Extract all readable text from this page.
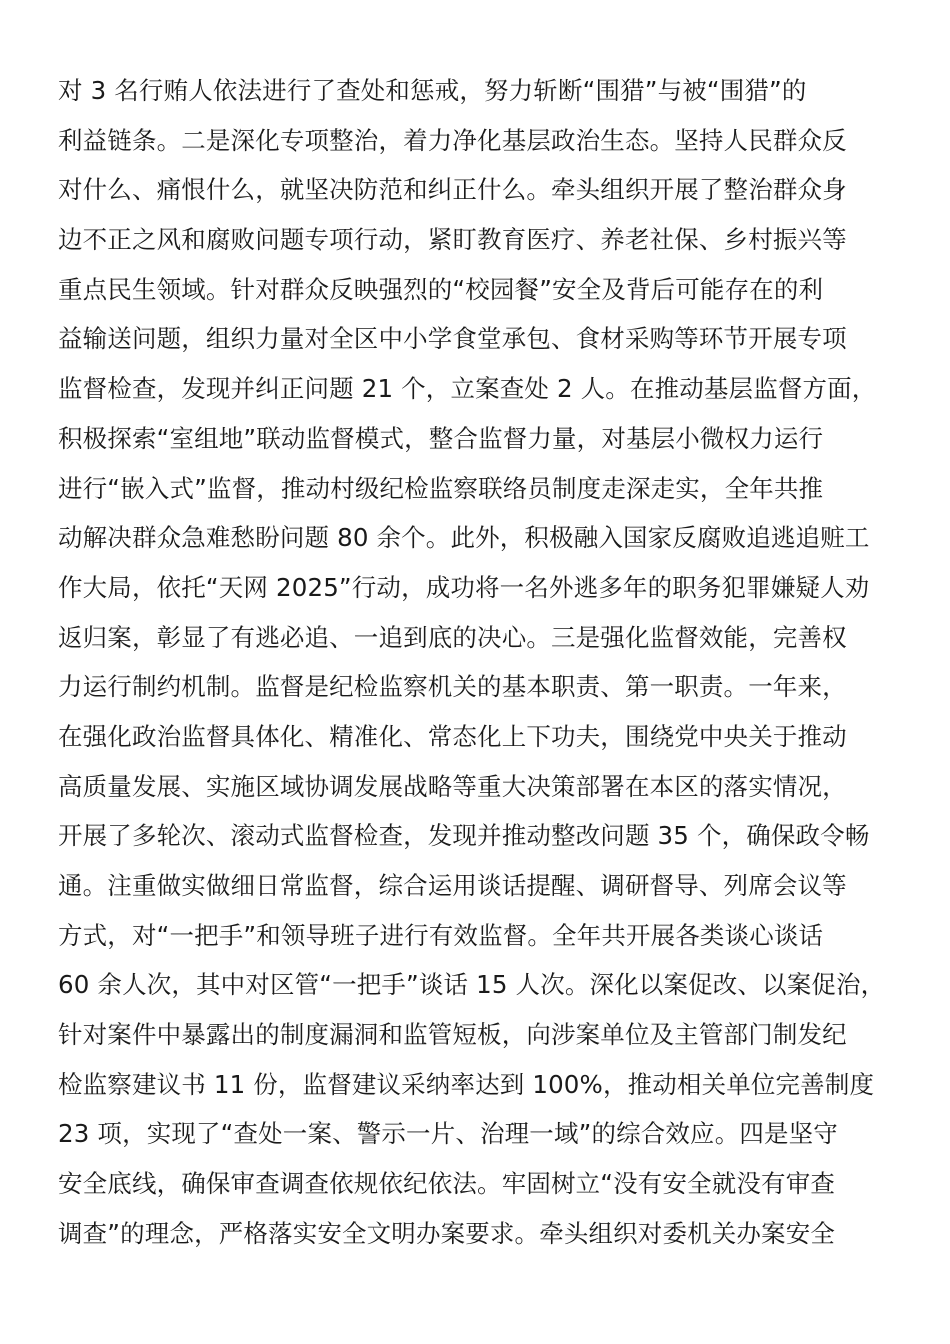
对 3 名行贿人依法进行了查处和惩戒，努力斩断“围猎”与被“围猎”的
利益链条。二是深化专项整治，着力净化基层政治生态。坚持人民群众反
对什么、痛恨什么，就坚决防范和纠正什么。牵头组织开展了整治群众身
边不正之风和腐败问题专项行动，紧盯教育医疗、养老社保、乡村振兴等
重点民生领域。针对群众反映强烈的“校园餐”安全及背后可能存在的利
益输送问题，组织力量对全区中小学食堂承包、食材采购等环节开展专项
监督检查，发现并纠正问题 21 个，立案查处 2 人。在推动基层监督方面，
积极探索“室组地”联动监督模式，整合监督力量，对基层小微权力运行
进行“嵌入式”监督，推动村级纪检监察联络员制度走深走实，全年共推
动解决群众急难愁盼问题 80 余个。此外，积极融入国家反腐败追逃追赃工
作大局，依托“天网 2025”行动，成功将一名外逃多年的职务犯罪嫌疑人劝
返归案，彰显了有逃必追、一追到底的决心。三是强化监督效能，完善权
力运行制约机制。监督是纪检监察机关的基本职责、第一职责。一年来，
在强化政治监督具体化、精准化、常态化上下功夫，围绕党中央关于推动
高质量发展、实施区域协调发展战略等重大决策部署在本区的落实情况，
开展了多轮次、滚动式监督检查，发现并推动整改问题 35 个，确保政令畅
通。注重做实做细日常监督，综合运用谈话提醒、调研督导、列席会议等
方式，对“一把手”和领导班子进行有效监督。全年共开展各类谈心谈话
60 余人次，其中对区管“一把手”谈话 15 人次。深化以案促改、以案促治，
针对案件中暴露出的制度漏洞和监管短板，向涉案单位及主管部门制发纪
检监察建议书 11 份，监督建议采纳率达到 100%，推动相关单位完善制度
23 项，实现了“查处一案、警示一片、治理一域”的综合效应。四是坚守
安全底线，确保审查调查依规依纪依法。牢固树立“没有安全就没有审查
调查”的理念，严格落实安全文明办案要求。牵头组织对委机关办案安全
